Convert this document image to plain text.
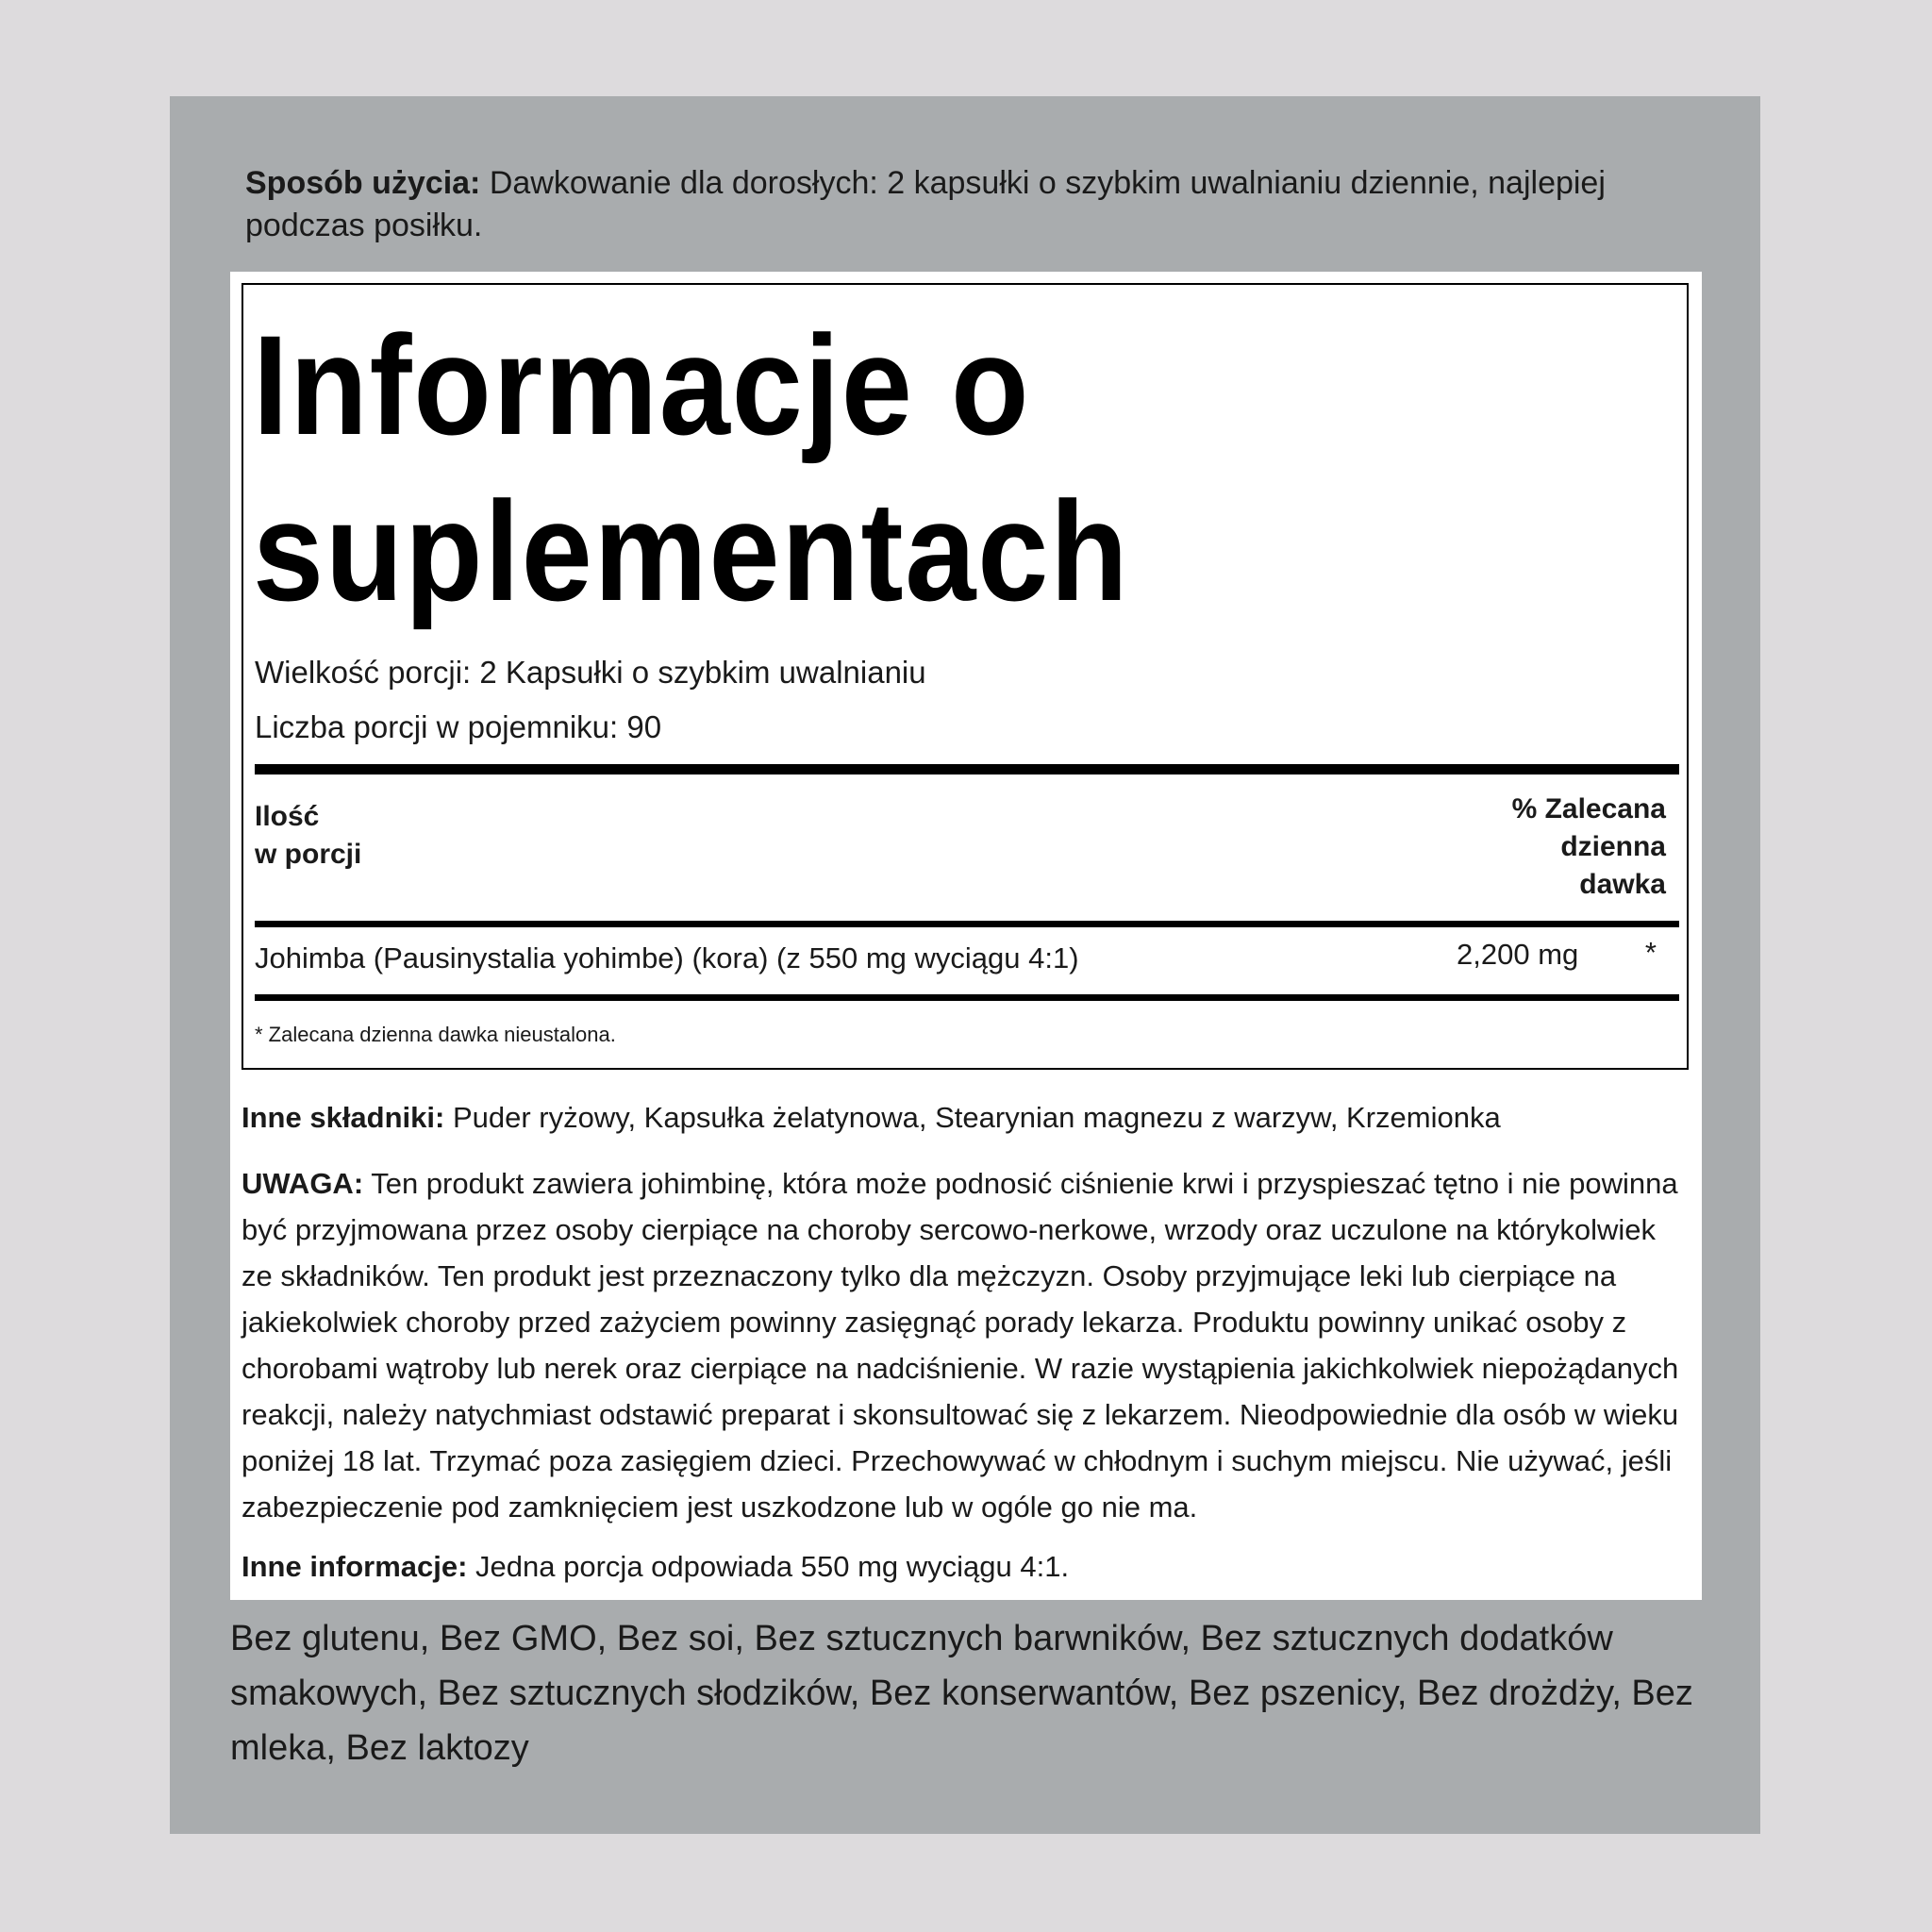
Sposób użycia: Dawkowanie dla dorosłych: 2 kapsułki o szybkim uwalnianiu dziennie, najlepiej podczas posiłku.
Informacje o
suplementach
Wielkość porcji: 2 Kapsułki o szybkim uwalnianiu
Liczba porcji w pojemniku: 90
Ilość
w porcji
% Zalecana
dzienna
dawka
Johimba (Pausinystalia yohimbe) (kora) (z 550 mg wyciągu 4:1)	2,200 mg *
* Zalecana dzienna dawka nieustalona.
Inne składniki: Puder ryżowy, Kapsułka żelatynowa, Stearynian magnezu z warzyw, Krzemionka
UWAGA: Ten produkt zawiera johimbinę, która może podnosić ciśnienie krwi i przyspieszać tętno i nie powinna być przyjmowana przez osoby cierpiące na choroby sercowo-nerkowe, wrzody oraz uczulone na którykolwiek ze składników. Ten produkt jest przeznaczony tylko dla mężczyzn. Osoby przyjmujące leki lub cierpiące na jakiekolwiek choroby przed zażyciem powinny zasięgnąć porady lekarza. Produktu powinny unikać osoby z chorobami wątroby lub nerek oraz cierpiące na nadciśnienie. W razie wystąpienia jakichkolwiek niepożądanych reakcji, należy natychmiast odstawić preparat i skonsultować się z lekarzem. Nieodpowiednie dla osób w wieku poniżej 18 lat. Trzymać poza zasięgiem dzieci. Przechowywać w chłodnym i suchym miejscu. Nie używać, jeśli zabezpieczenie pod zamknięciem jest uszkodzone lub w ogóle go nie ma.
Inne informacje: Jedna porcja odpowiada 550 mg wyciągu 4:1.
Bez glutenu, Bez GMO, Bez soi, Bez sztucznych barwników, Bez sztucznych dodatków smakowych, Bez sztucznych słodzików, Bez konserwantów, Bez pszenicy, Bez drożdży, Bez mleka, Bez laktozy
